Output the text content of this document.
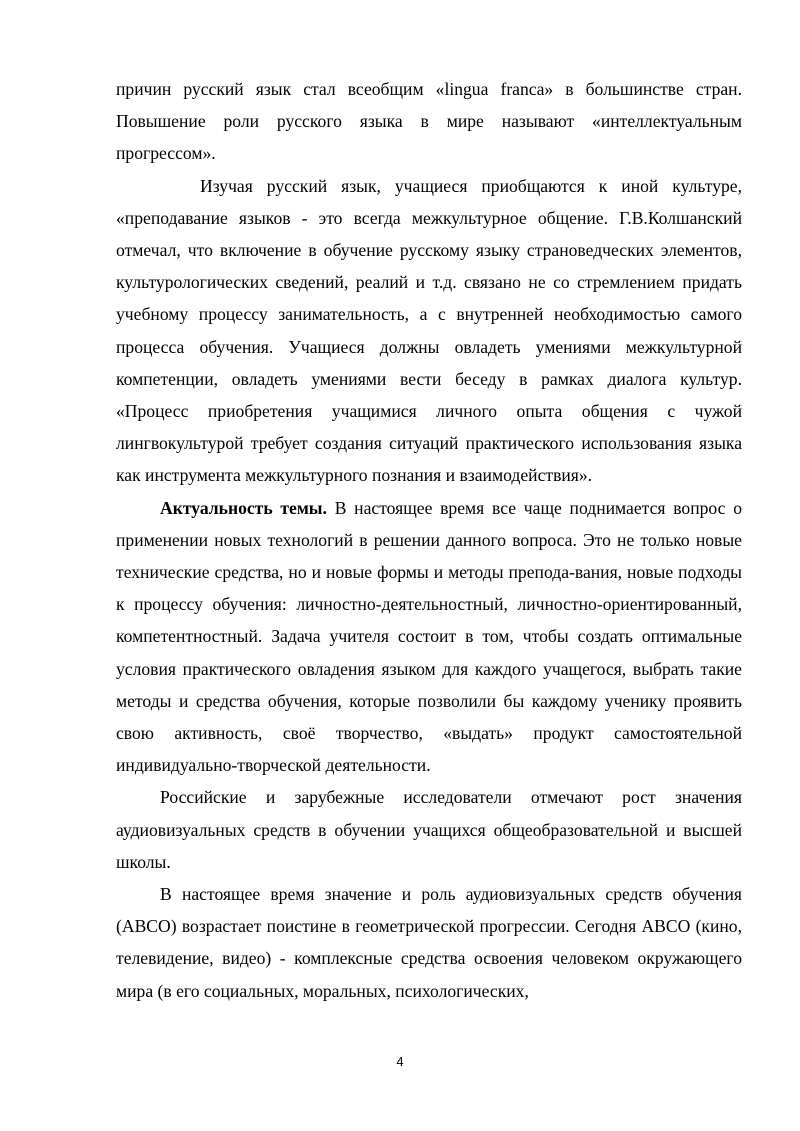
причин русский язык стал всеобщим «lingua franca» в большинстве стран. Повышение роли русского языка в мире называют «интеллектуальным прогрессом».

Изучая русский язык, учащиеся приобщаются к иной культуре, «преподавание языков - это всегда межкультурное общение. Г.В.Колшанский отмечал, что включение в обучение русскому языку страноведческих элементов, культурологических сведений, реалий и т.д. связано не со стремлением придать учебному процессу занимательность, а с внутренней необходимостью самого процесса обучения. Учащиеся должны овладеть умениями межкультурной компетенции, овладеть умениями вести беседу в рамках диалога культур. «Процесс приобретения учащимися личного опыта общения с чужой лингвокультурой требует создания ситуаций практического использования языка как инструмента межкультурного познания и взаимодействия».

Актуальность темы. В настоящее время все чаще поднимается вопрос о применении новых технологий в решении данного вопроса. Это не только новые технические средства, но и новые формы и методы препода-вания, новые подходы к процессу обучения: личностно-деятельностный, личностно-ориентированный, компетентностный. Задача учителя состоит в том, чтобы создать оптимальные условия практического овладения языком для каждого учащегося, выбрать такие методы и средства обучения, которые позволили бы каждому ученику проявить свою активность, своё творчество, «выдать» продукт самостоятельной индивидуально-творческой деятельности.

Российские и зарубежные исследователи отмечают рост значения аудиовизуальных средств в обучении учащихся общеобразовательной и высшей школы.

В настоящее время значение и роль аудиовизуальных средств обучения (АВСО) возрастает поистине в геометрической прогрессии. Сегодня АВСО (кино, телевидение, видео) - комплексные средства освоения человеком окружающего мира (в его социальных, моральных, психологических,

4
